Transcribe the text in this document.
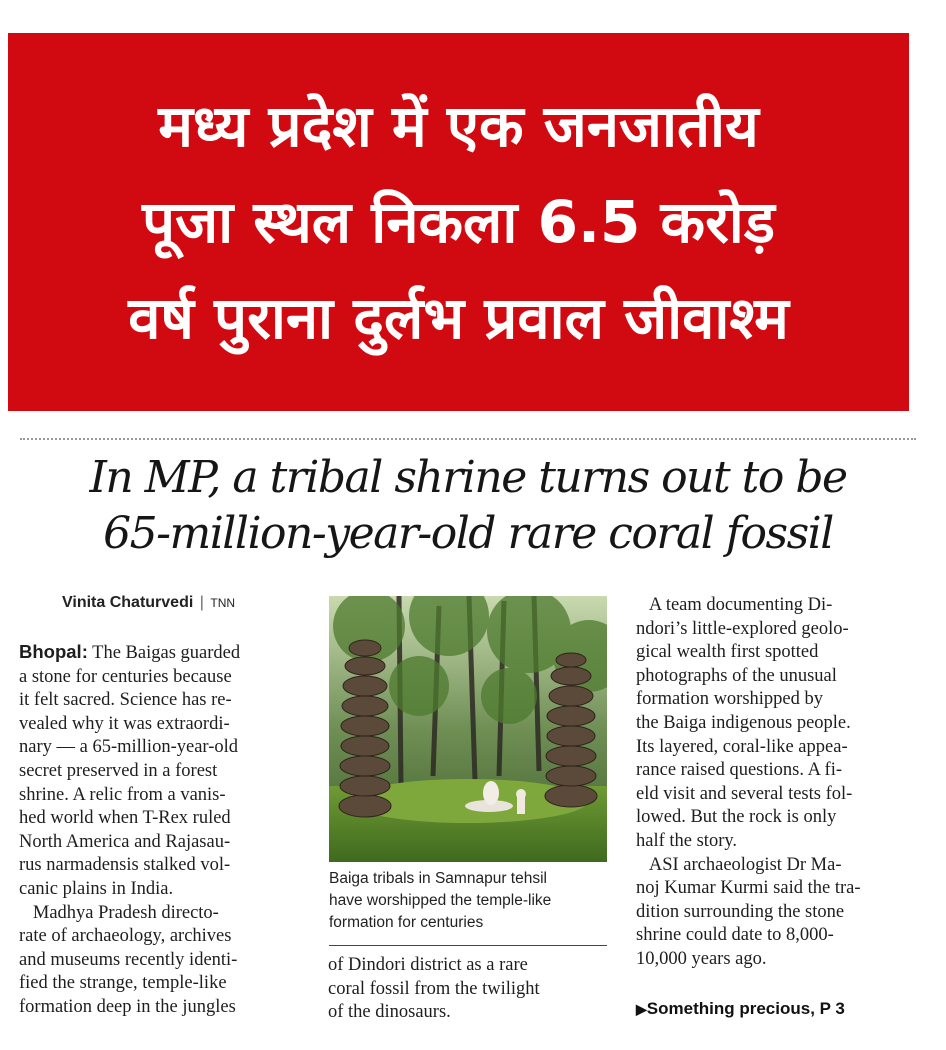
मध्य प्रदेश में एक जनजातीय
पूजा स्थल निकला 6.5 करोड़
वर्ष पुराना दुर्लभ प्रवाल जीवाश्म
In MP, a tribal shrine turns out to be
65-million-year-old rare coral fossil
Vinita Chaturvedi | TNN
Bhopal: The Baigas guarded
a stone for centuries because
it felt sacred. Science has re-
vealed why it was extraordi-
nary — a 65-million-year-old
secret preserved in a forest
shrine. A relic from a vanis-
hed world when T-Rex ruled
North America and Rajasau-
rus narmadensis stalked vol-
canic plains in India.
Madhya Pradesh directo-
rate of archaeology, archives
and museums recently identi-
fied the strange, temple-like
formation deep in the jungles
Baiga tribals in Samnapur tehsil
have worshipped the temple-like
formation for centuries
of Dindori district as a rare
coral fossil from the twilight
of the dinosaurs.
A team documenting Di-
ndori’s little-explored geolo-
gical wealth first spotted
photographs of the unusual
formation worshipped by
the Baiga indigenous people.
Its layered, coral-like appea-
rance raised questions. A fi-
eld visit and several tests fol-
lowed. But the rock is only
half the story.
ASI archaeologist Dr Ma-
noj Kumar Kurmi said the tra-
dition surrounding the stone
shrine could date to 8,000-
10,000 years ago.
▶Something precious, P 3
